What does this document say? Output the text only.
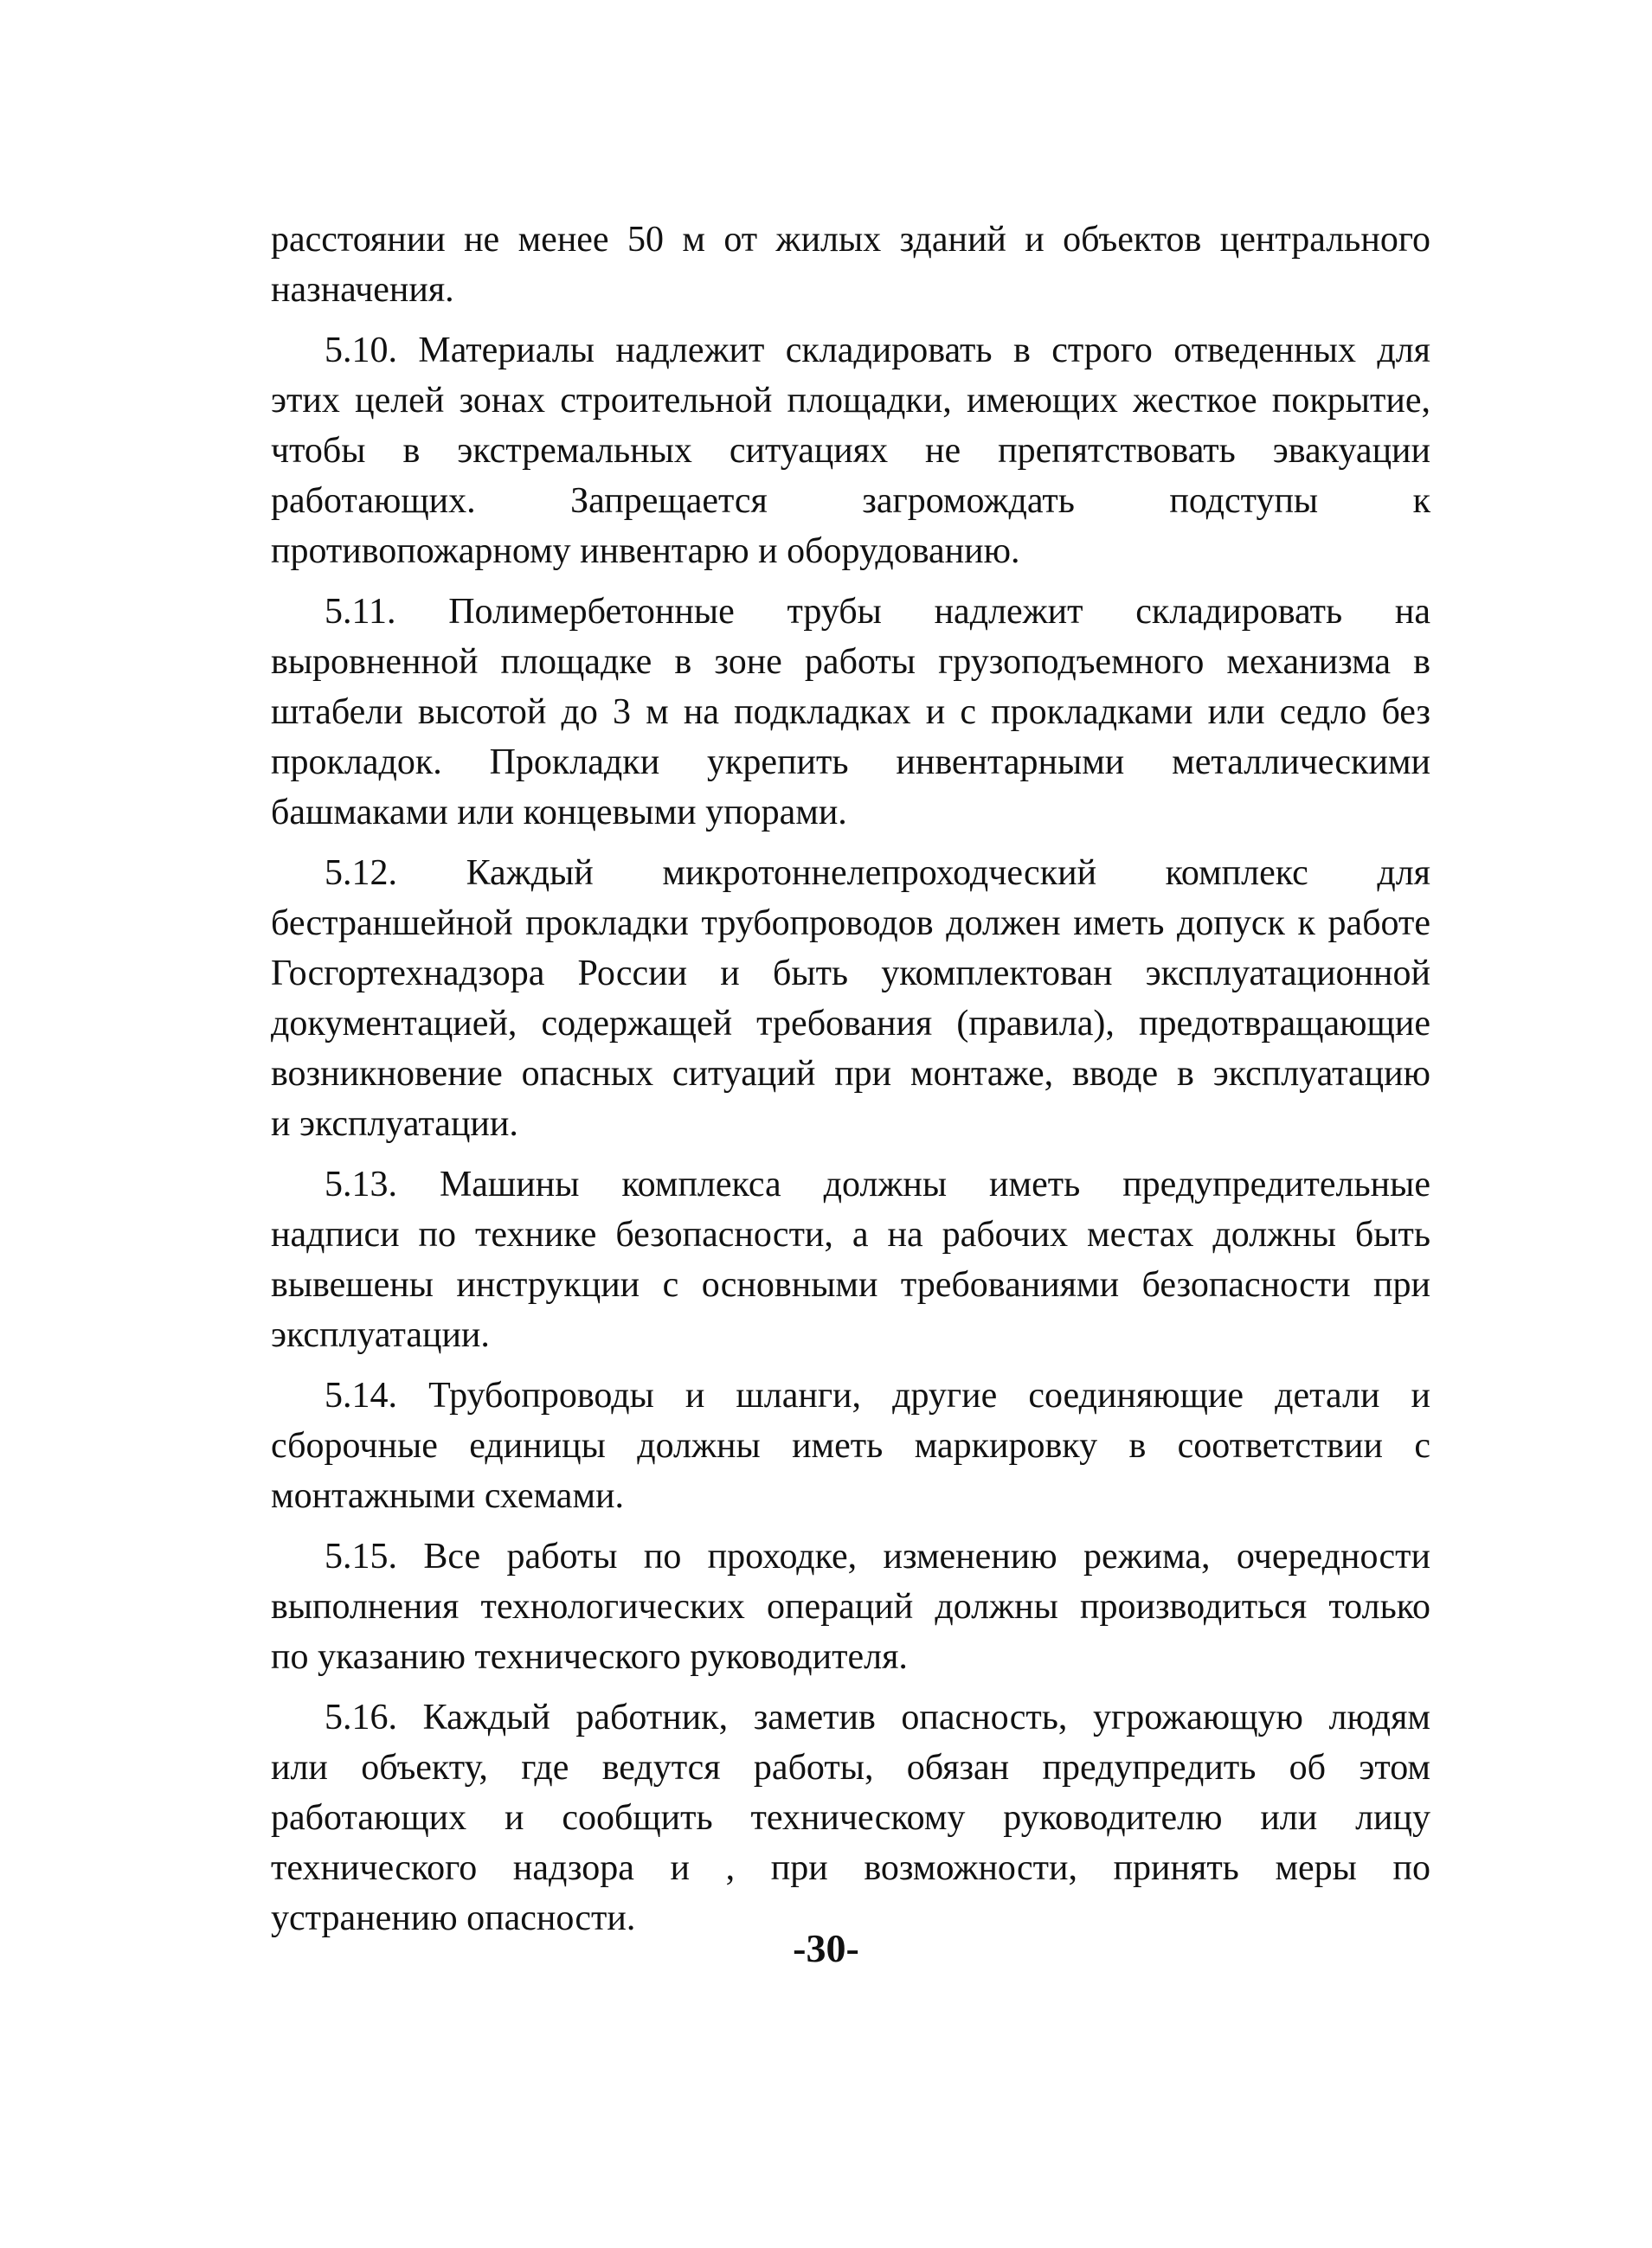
расстоянии не менее 50 м от жилых зданий и объектов центрального
назначения.
5.10. Материалы надлежит складировать в строго отведенных для
этих целей зонах строительной площадки, имеющих жесткое покрытие,
чтобы в экстремальных ситуациях не препятствовать эвакуации
работающих. Запрещается загромождать подступы к
противопожарному инвентарю и оборудованию.
5.11. Полимербетонные трубы надлежит складировать на
выровненной площадке в зоне работы грузоподъемного механизма в
штабели высотой до 3 м на подкладках и с прокладками или седло без
прокладок. Прокладки укрепить инвентарными металлическими
башмаками или концевыми упорами.
5.12. Каждый микротоннелепроходческий комплекс для
бестраншейной прокладки трубопроводов должен иметь допуск к работе
Госгортехнадзора России и быть укомплектован эксплуатационной
документацией, содержащей требования (правила), предотвращающие
возникновение опасных ситуаций при монтаже, вводе в эксплуатацию
и эксплуатации.
5.13. Машины комплекса должны иметь предупредительные
надписи по технике безопасности, а на рабочих местах должны быть
вывешены инструкции с основными требованиями безопасности при
эксплуатации.
5.14. Трубопроводы и шланги, другие соединяющие детали и
сборочные единицы должны иметь маркировку в соответствии с
монтажными схемами.
5.15. Все работы по проходке, изменению режима, очередности
выполнения технологических операций должны производиться только
по указанию технического руководителя.
5.16. Каждый работник, заметив опасность, угрожающую людям
или объекту, где ведутся работы, обязан предупредить об этом
работающих и сообщить техническому руководителю или лицу
технического надзора и , при возможности, принять меры по
устранению опасности.
-30-
